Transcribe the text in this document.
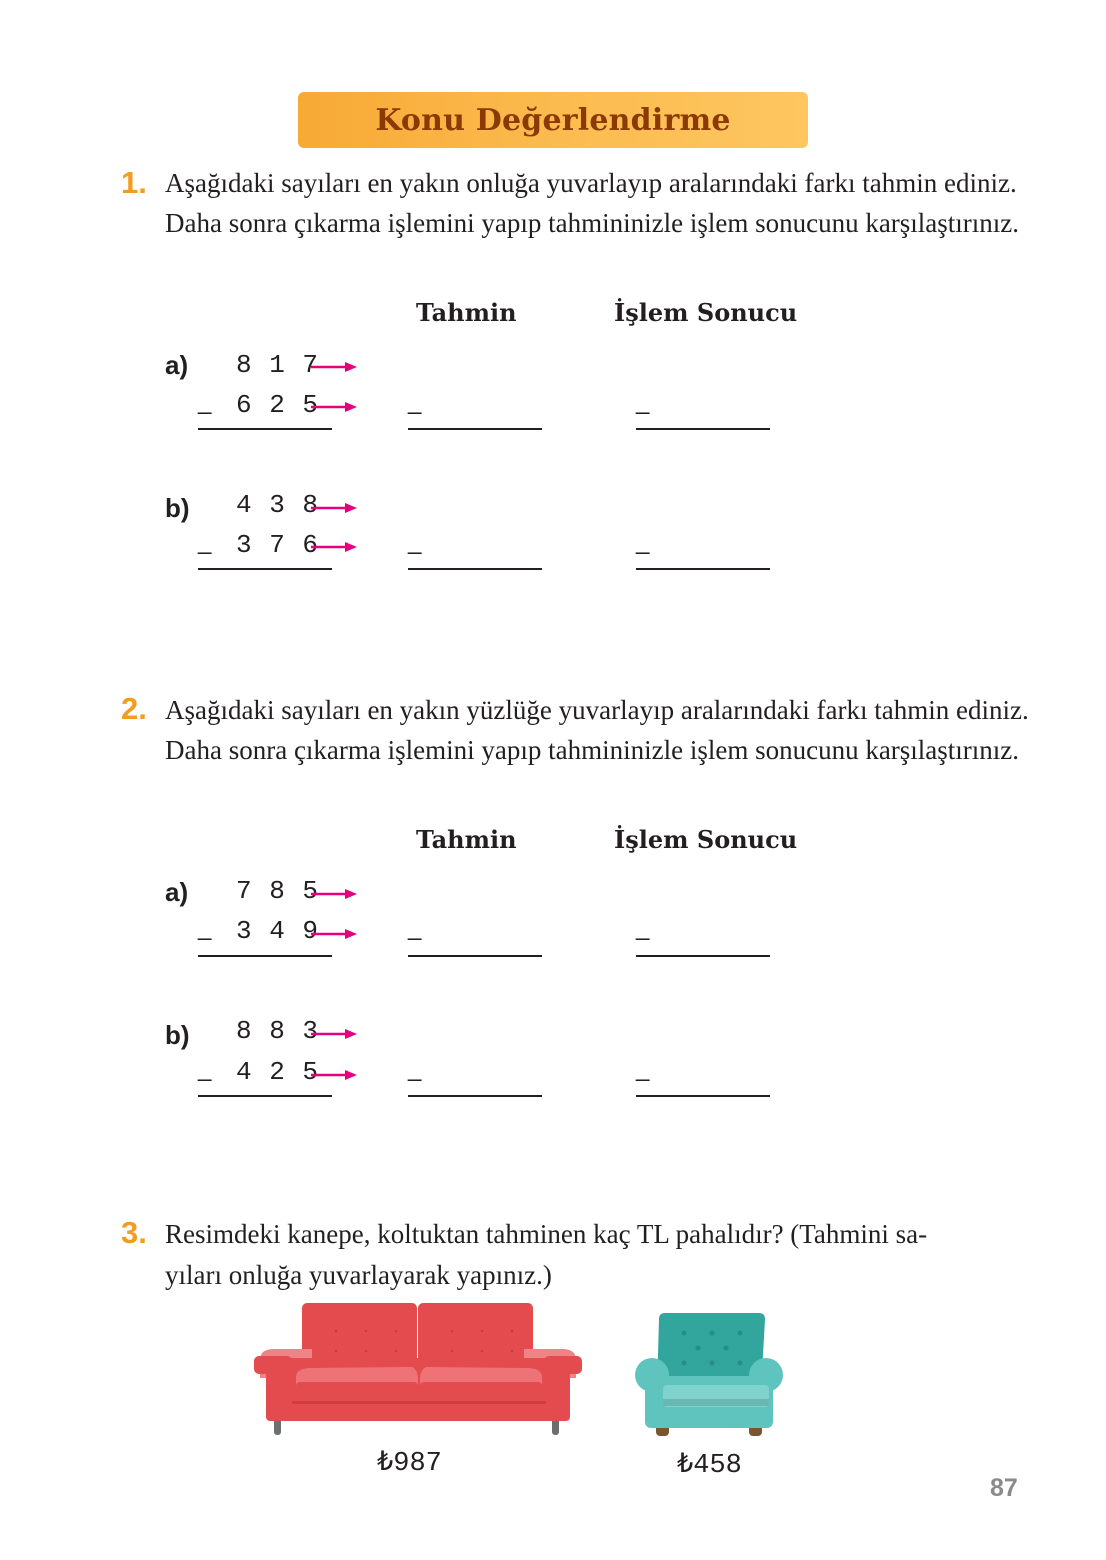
Konu Değerlendirme
1. Aşağıdaki sayıları en yakın onluğa yuvarlayıp aralarındaki farkı tahmin ediniz. Daha sonra çıkarma işlemini yapıp tahmininizle işlem sonucunu karşılaştırınız.
Tahmin	İşlem Sonucu
a) 8 1 7
_ 6 2 5	_	_
b) 4 3 8
_ 3 7 6	_	_
2. Aşağıdaki sayıları en yakın yüzlüğe yuvarlayıp aralarındaki farkı tahmin ediniz. Daha sonra çıkarma işlemini yapıp tahmininizle işlem sonucunu karşılaştırınız.
Tahmin	İşlem Sonucu
a) 7 8 5
_ 3 4 9	_	_
b) 8 8 3
_ 4 2 5	_	_
3. Resimdeki kanepe, koltuktan tahminen kaç TL pahalıdır? (Tahmini sa-
yıları onluğa yuvarlayarak yapınız.)
₺987	₺458
87
